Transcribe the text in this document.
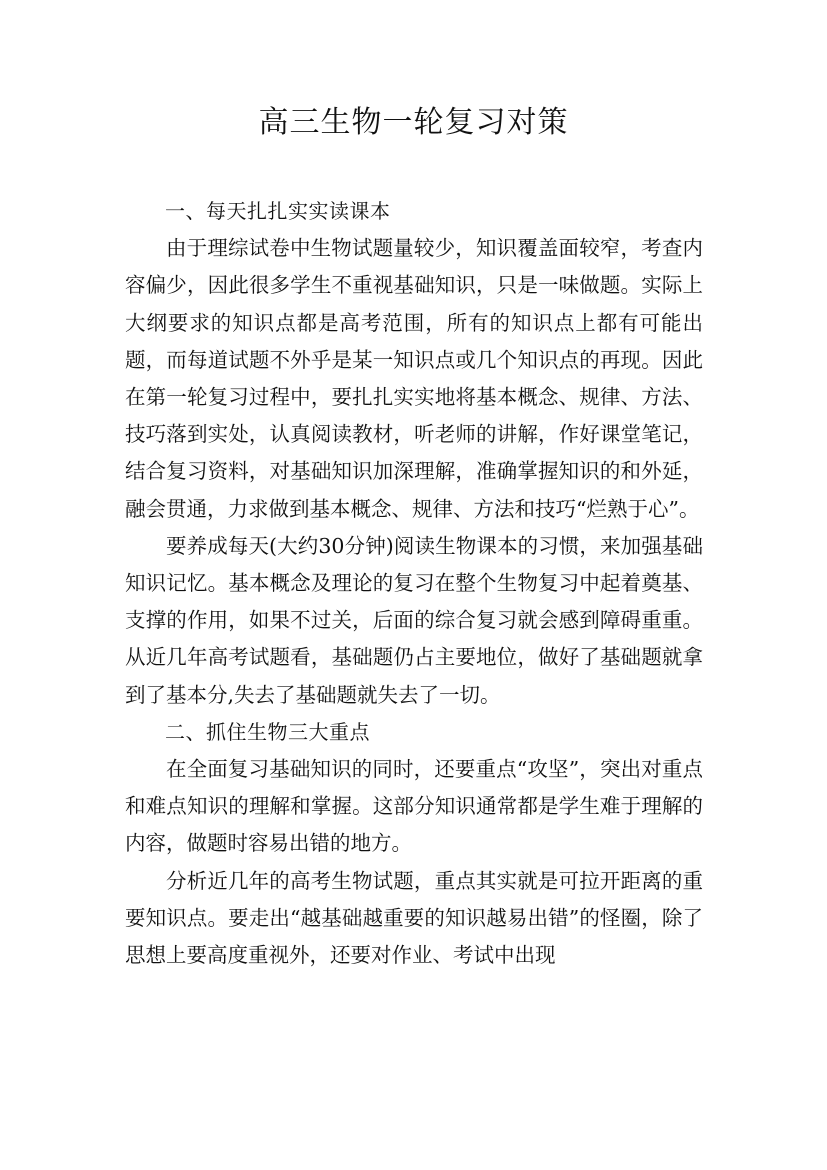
高三生物一轮复习对策

一、每天扎扎实实读课本

由于理综试卷中生物试题量较少，知识覆盖面较窄，考查内容偏少，因此很多学生不重视基础知识，只是一味做题。实际上大纲要求的知识点都是高考范围，所有的知识点上都有可能出题，而每道试题不外乎是某一知识点或几个知识点的再现。因此在第一轮复习过程中，要扎扎实实地将基本概念、规律、方法、技巧落到实处，认真阅读教材，听老师的讲解，作好课堂笔记，结合复习资料，对基础知识加深理解，准确掌握知识的和外延，融会贯通，力求做到基本概念、规律、方法和技巧“烂熟于心”。

要养成每天(大约30分钟)阅读生物课本的习惯，来加强基础知识记忆。基本概念及理论的复习在整个生物复习中起着奠基、支撑的作用，如果不过关，后面的综合复习就会感到障碍重重。从近几年高考试题看，基础题仍占主要地位，做好了基础题就拿到了基本分,失去了基础题就失去了一切。

二、抓住生物三大重点

在全面复习基础知识的同时，还要重点“攻坚”，突出对重点和难点知识的理解和掌握。这部分知识通常都是学生难于理解的内容，做题时容易出错的地方。

分析近几年的高考生物试题，重点其实就是可拉开距离的重要知识点。要走出“越基础越重要的知识越易出错”的怪圈，除了思想上要高度重视外，还要对作业、考试中出现
